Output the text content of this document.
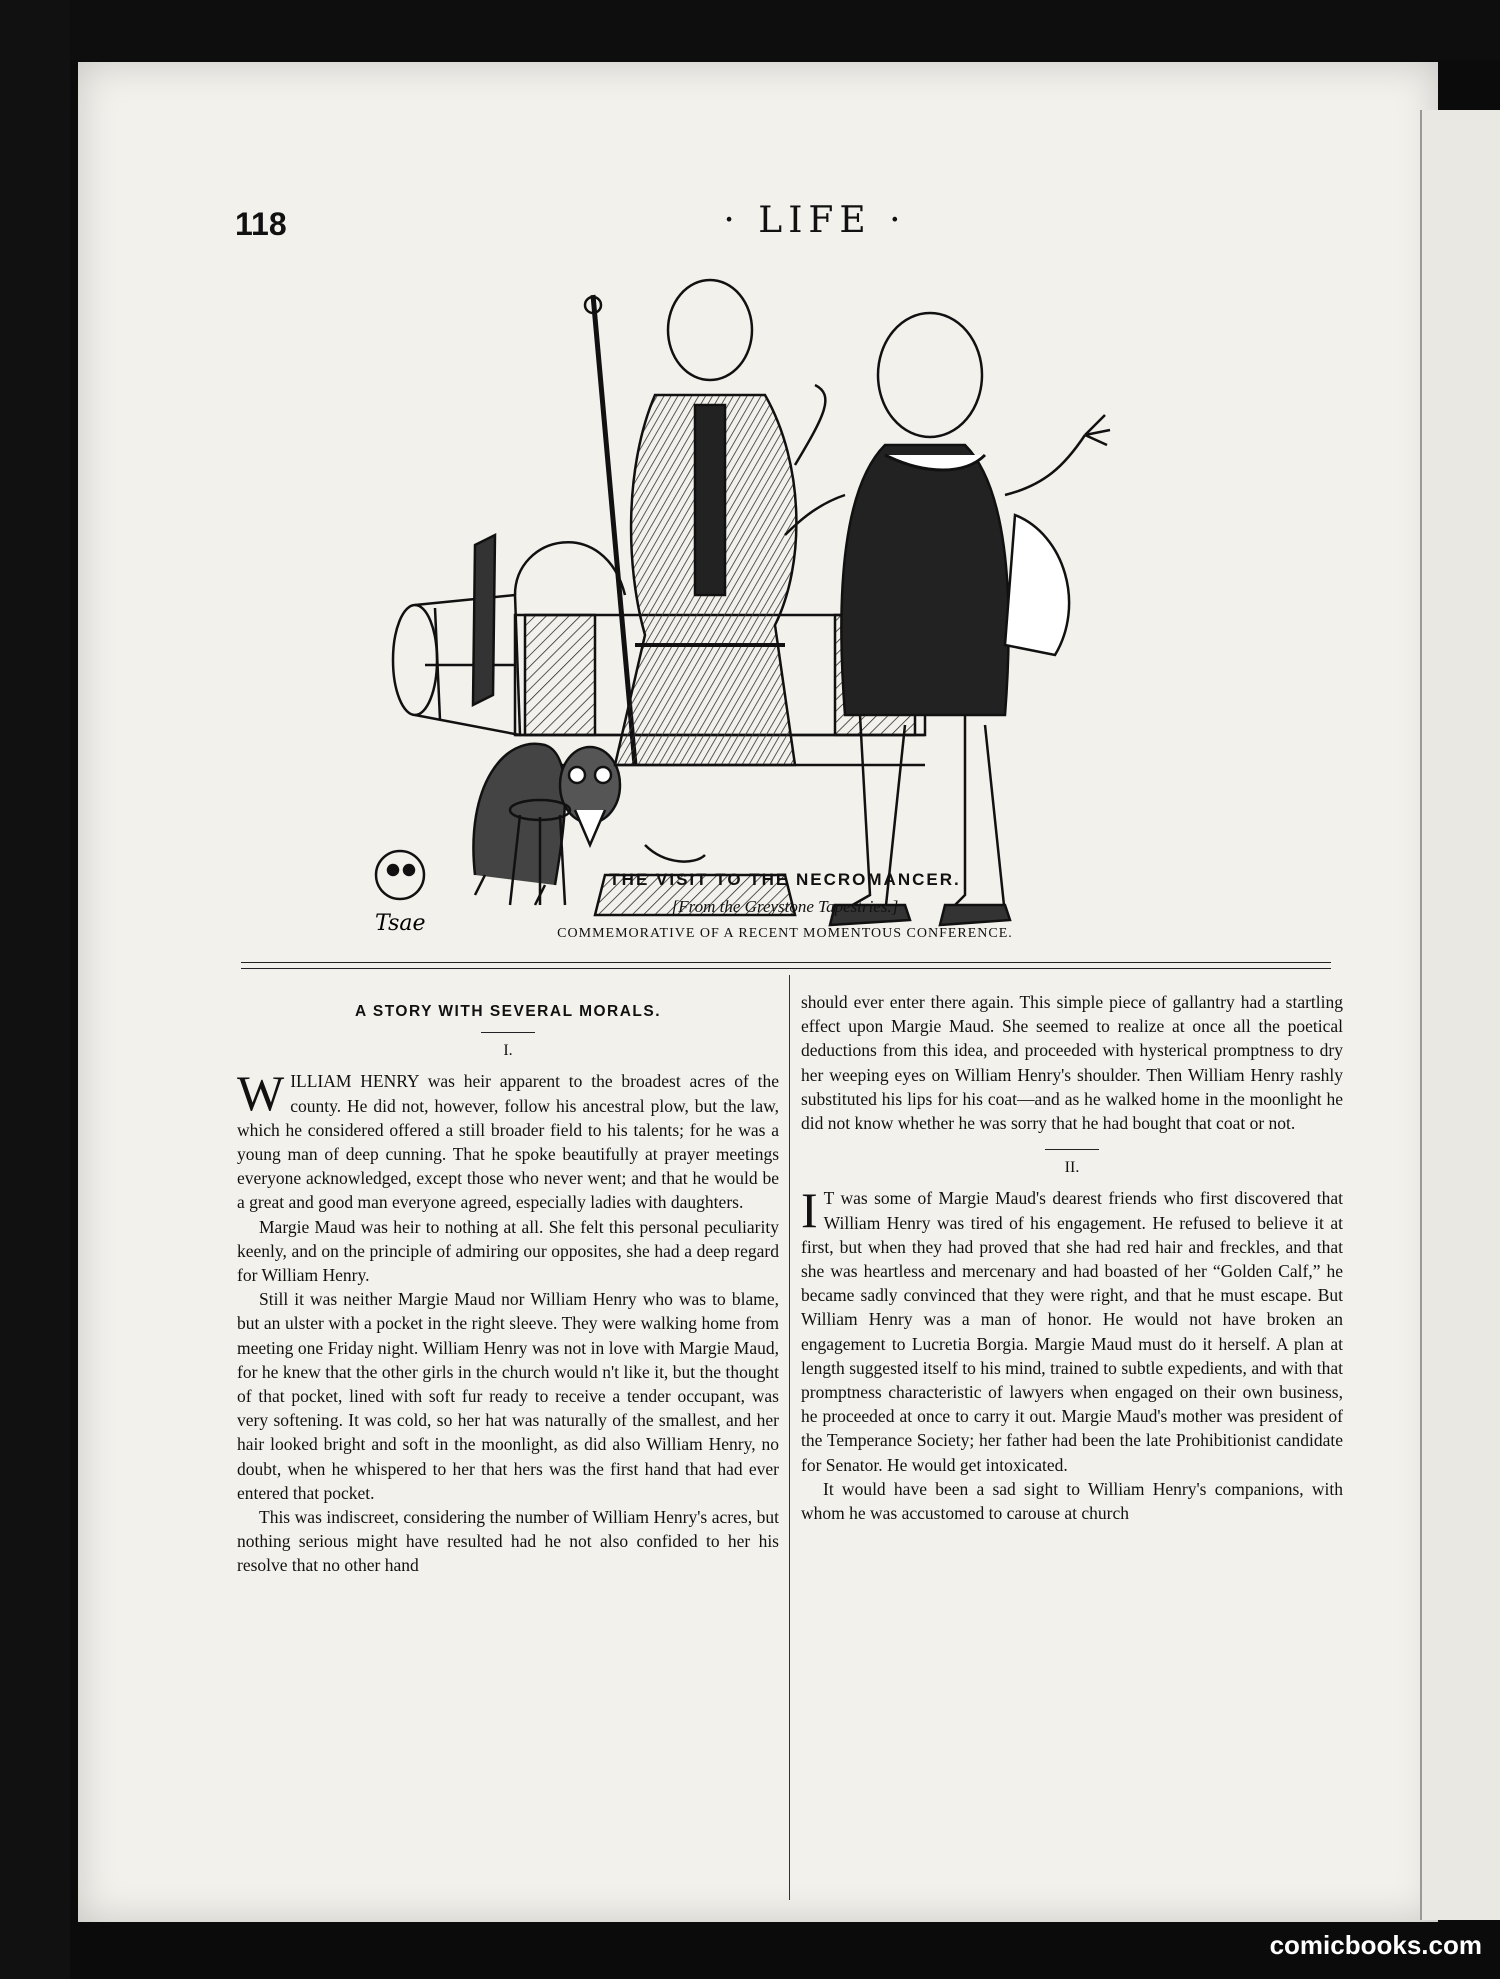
118	· LIFE ·
Tsae
THE VISIT TO THE NECROMANCER.
[From the Greystone Tapestries.]
COMMEMORATIVE OF A RECENT MOMENTOUS CONFERENCE.
A STORY WITH SEVERAL MORALS.
I.

WILLIAM HENRY was heir apparent to the broadest acres of the county. He did not, however, follow his ancestral plow, but the law, which he considered offered a still broader field to his talents; for he was a young man of deep cunning. That he spoke beautifully at prayer meetings everyone acknowledged, except those who never went; and that he would be a great and good man everyone agreed, especially ladies with daughters.

Margie Maud was heir to nothing at all. She felt this personal peculiarity keenly, and on the principle of admiring our opposites, she had a deep regard for William Henry.

Still it was neither Margie Maud nor William Henry who was to blame, but an ulster with a pocket in the right sleeve. They were walking home from meeting one Friday night. William Henry was not in love with Margie Maud, for he knew that the other girls in the church would n't like it, but the thought of that pocket, lined with soft fur ready to receive a tender occupant, was very softening. It was cold, so her hat was naturally of the smallest, and her hair looked bright and soft in the moonlight, as did also William Henry, no doubt, when he whispered to her that hers was the first hand that had ever entered that pocket.

This was indiscreet, considering the number of William Henry's acres, but nothing serious might have resulted had he not also confided to her his resolve that no other hand

should ever enter there again. This simple piece of gallantry had a startling effect upon Margie Maud. She seemed to realize at once all the poetical deductions from this idea, and proceeded with hysterical promptness to dry her weeping eyes on William Henry's shoulder. Then William Henry rashly substituted his lips for his coat—and as he walked home in the moonlight he did not know whether he was sorry that he had bought that coat or not.

II.

I T was some of Margie Maud's dearest friends who first discovered that William Henry was tired of his engagement. He refused to believe it at first, but when they had proved that she had red hair and freckles, and that she was heartless and mercenary and had boasted of her “Golden Calf,” he became sadly convinced that they were right, and that he must escape. But William Henry was a man of honor. He would not have broken an engagement to Lucretia Borgia. Margie Maud must do it herself. A plan at length suggested itself to his mind, trained to subtle expedients, and with that promptness characteristic of lawyers when engaged on their own business, he proceeded at once to carry it out. Margie Maud's mother was president of the Temperance Society; her father had been the late Prohibitionist candidate for Senator. He would get intoxicated.

It would have been a sad sight to William Henry's companions, with whom he was accustomed to carouse at church

comicbooks.com
